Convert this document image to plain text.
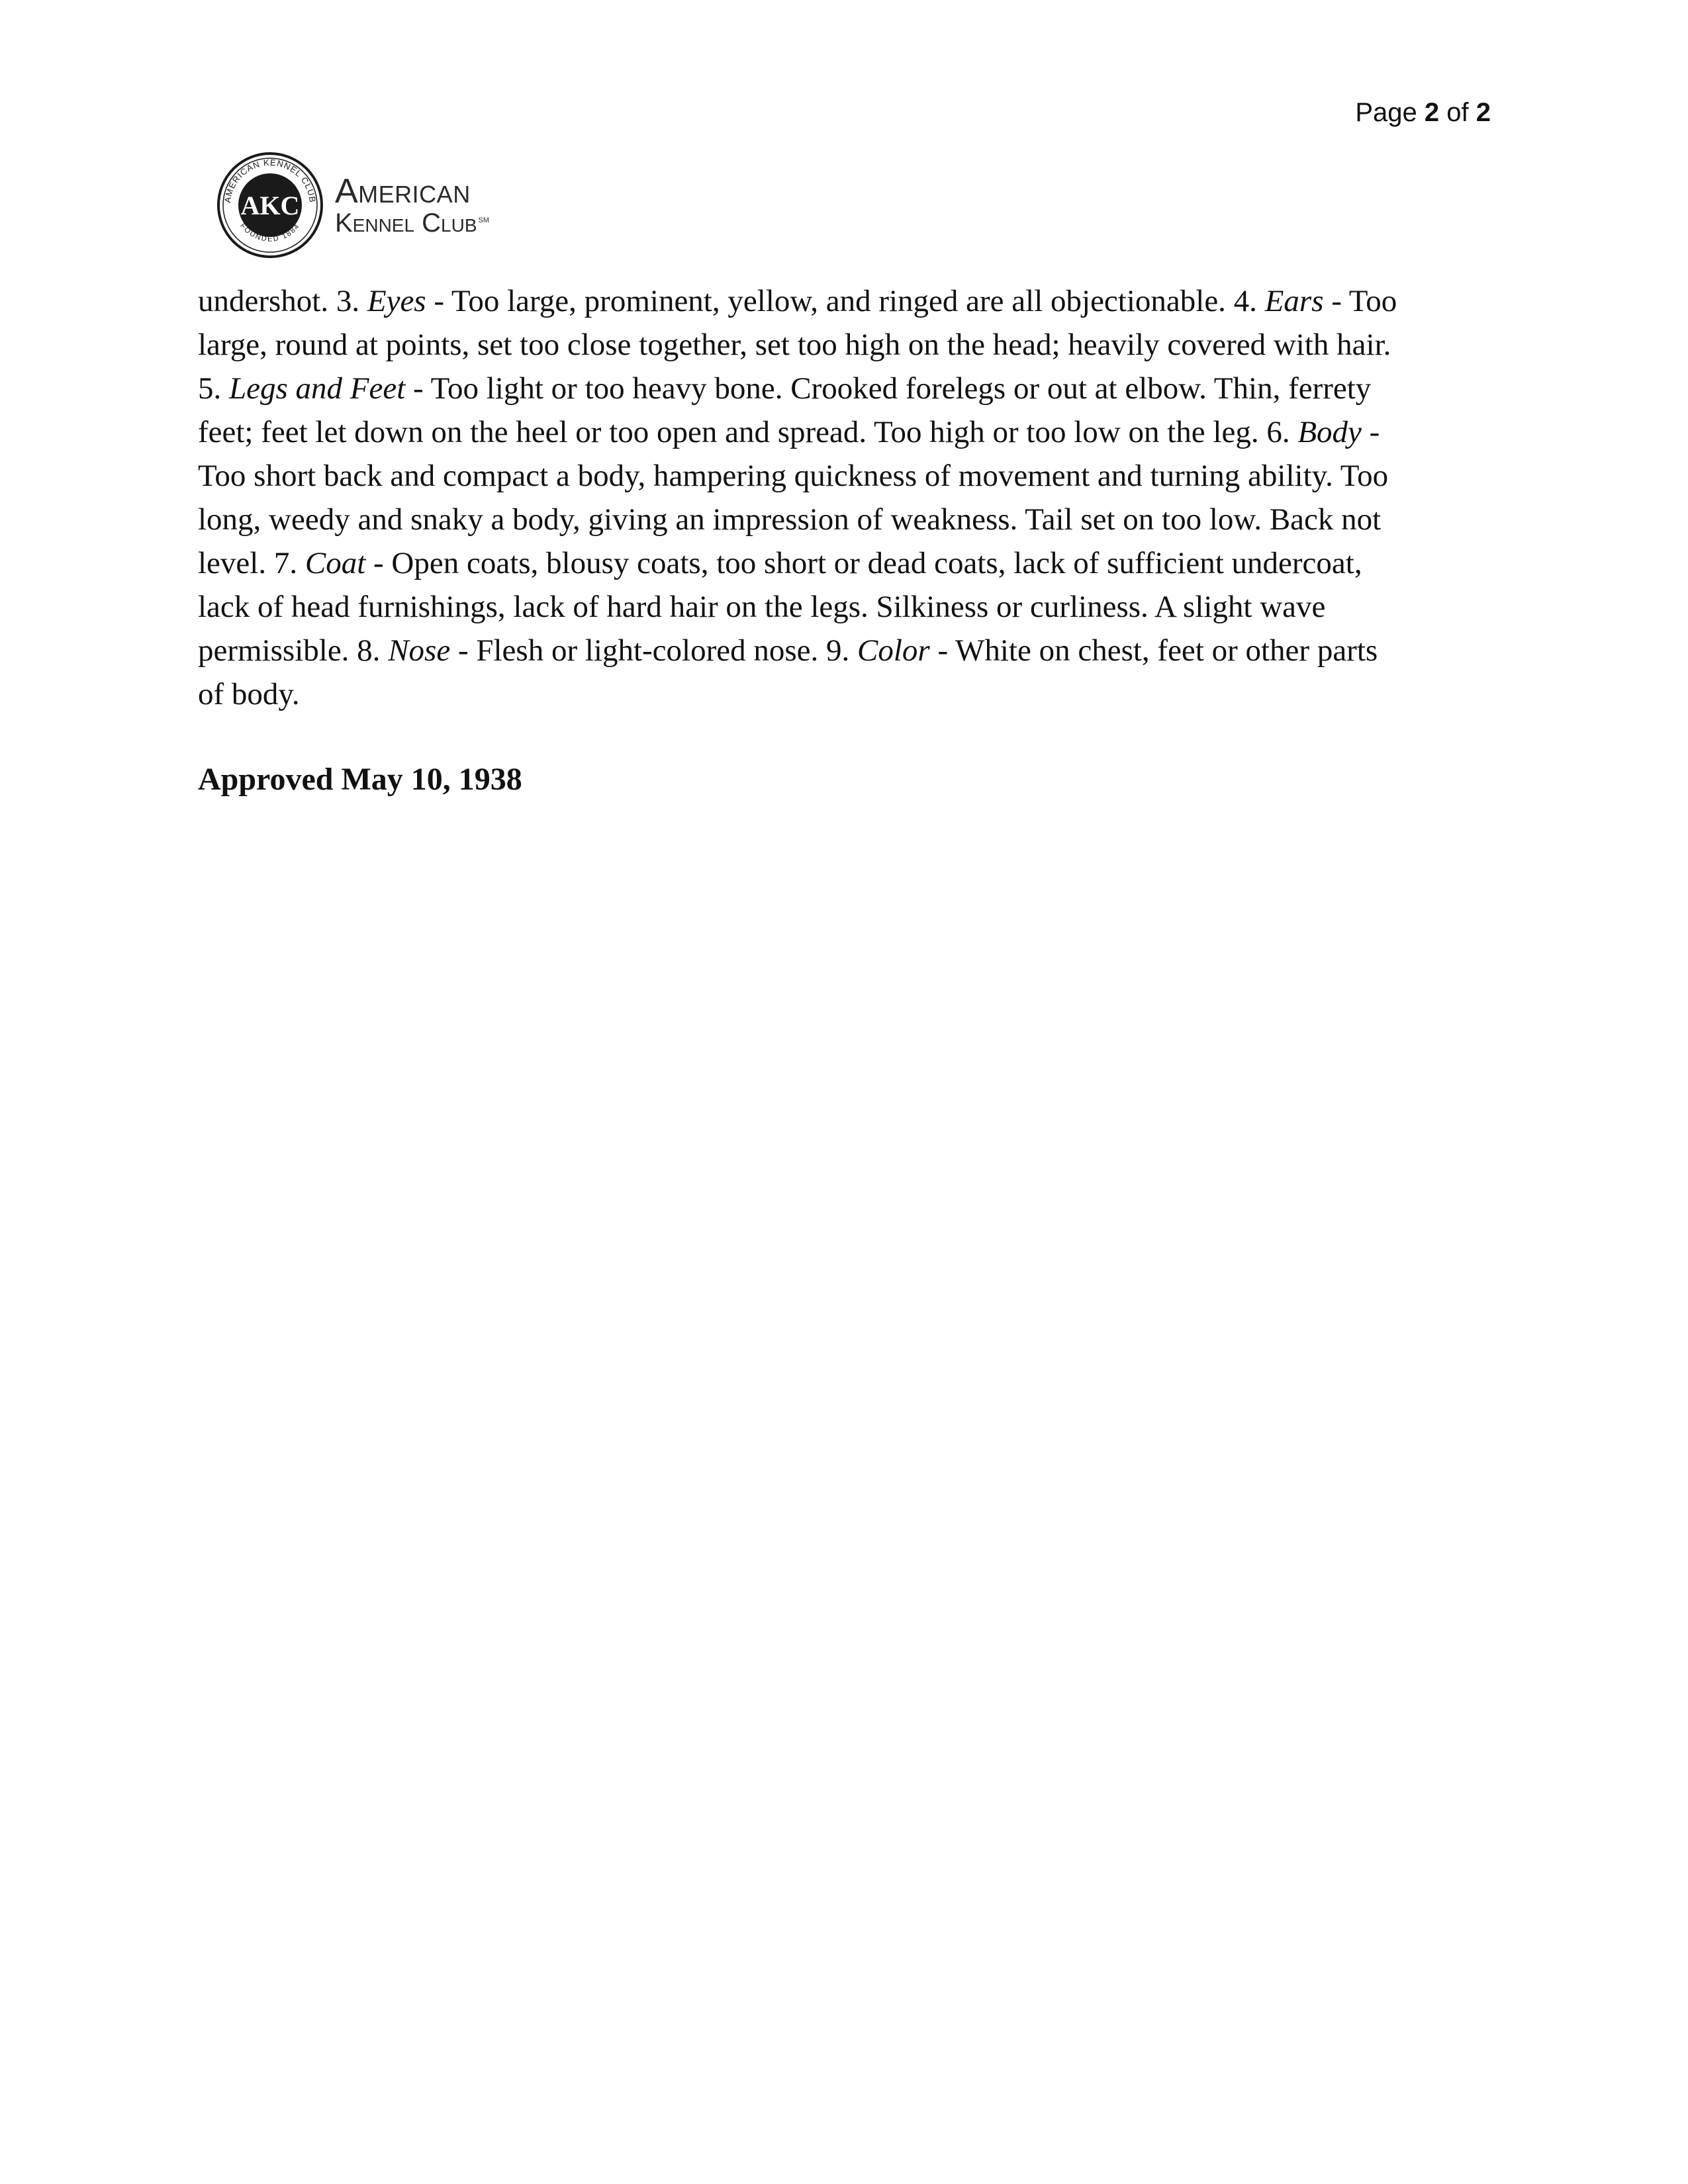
Page 2 of 2
AMERICAN KENNEL CLUB
FOUNDED 1884
AKC American
Kennel Club ℠
undershot. 3. Eyes - Too large, prominent, yellow, and ringed are all objectionable. 4. Ears - Too
large, round at points, set too close together, set too high on the head; heavily covered with hair.
5. Legs and Feet - Too light or too heavy bone. Crooked forelegs or out at elbow. Thin, ferrety
feet; feet let down on the heel or too open and spread. Too high or too low on the leg. 6. Body -
Too short back and compact a body, hampering quickness of movement and turning ability. Too
long, weedy and snaky a body, giving an impression of weakness. Tail set on too low. Back not
level. 7. Coat - Open coats, blousy coats, too short or dead coats, lack of sufficient undercoat,
lack of head furnishings, lack of hard hair on the legs. Silkiness or curliness. A slight wave
permissible. 8. Nose - Flesh or light-colored nose. 9. Color - White on chest, feet or other parts
of body.
Approved May 10, 1938
